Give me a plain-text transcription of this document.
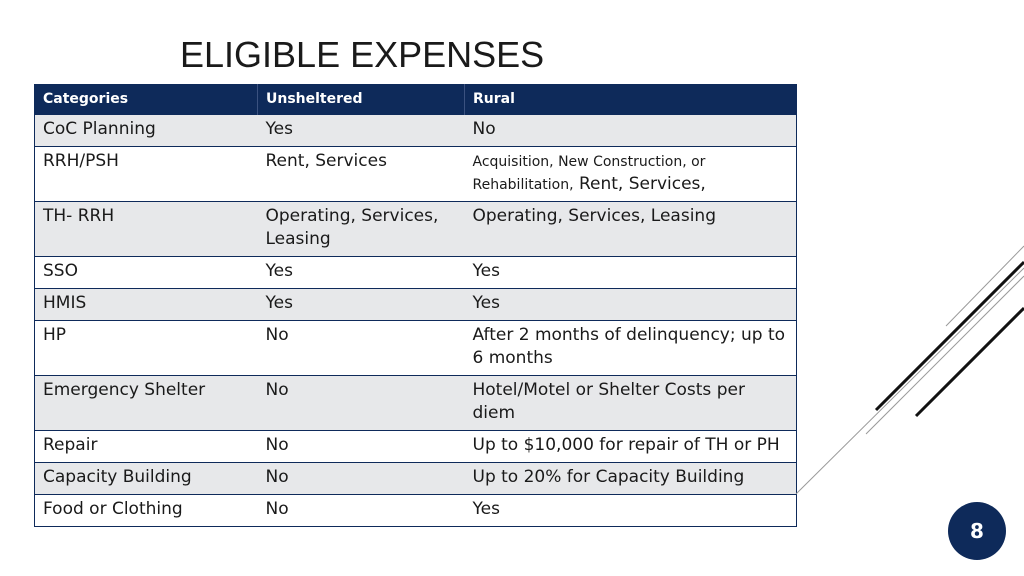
ELIGIBLE EXPENSES
Categories	Unsheltered	Rural
CoC Planning	Yes	No
RRH/PSH	Rent, Services	Acquisition, New Construction, or Rehabilitation, Rent, Services,
TH- RRH	Operating, Services, Leasing	Operating, Services, Leasing
SSO	Yes	Yes
HMIS	Yes	Yes
HP	No	After 2 months of delinquency; up to 6 months
Emergency Shelter	No	Hotel/Motel or Shelter Costs per diem
Repair	No	Up to $10,000 for repair of TH or PH
Capacity Building	No	Up to 20% for Capacity Building
Food or Clothing	No	Yes
8
